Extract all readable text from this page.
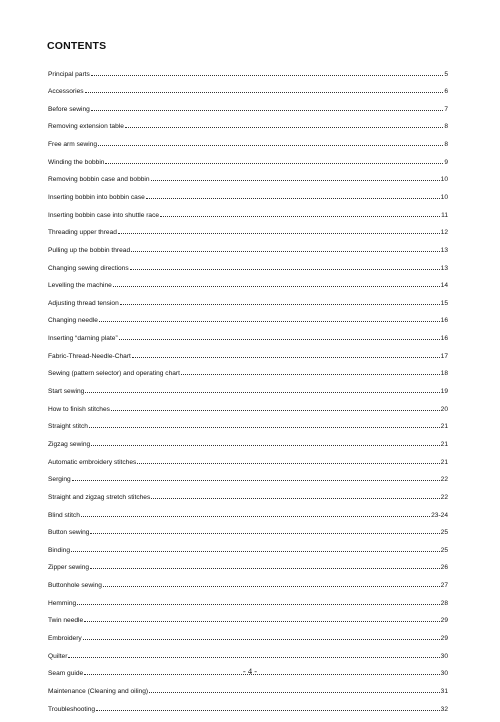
CONTENTS
Principal parts	5
Accessories	6
Before sewing	7
Removing extension table	8
Free arm sewing	8
Winding the bobbin	9
Removing bobbin case and bobbin	10
Inserting bobbin into bobbin case	10
Inserting bobbin case into shuttle race	11
Threading upper thread	12
Pulling up the bobbin thread	13
Changing sewing directions	13
Levelling the machine	14
Adjusting thread tension	15
Changing needle	16
Inserting “darning plate”	16
Fabric-Thread-Needle-Chart	17
Sewing (pattern selector) and operating chart	18
Start sewing	19
How to finish stitches	20
Straight stitch	21
Zigzag sewing	21
Automatic embroidery stitches	21
Serging	22
Straight and zigzag stretch stitches	22
Blind stitch	23-24
Button sewing	25
Binding	25
Zipper sewing	26
Buttonhole sewing	27
Hemming	28
Twin needle	29
Embroidery	29
Quilter	30
Seam guide	30
Maintenance (Cleaning and oiling)	31
Troubleshooting	32
- 4 -
